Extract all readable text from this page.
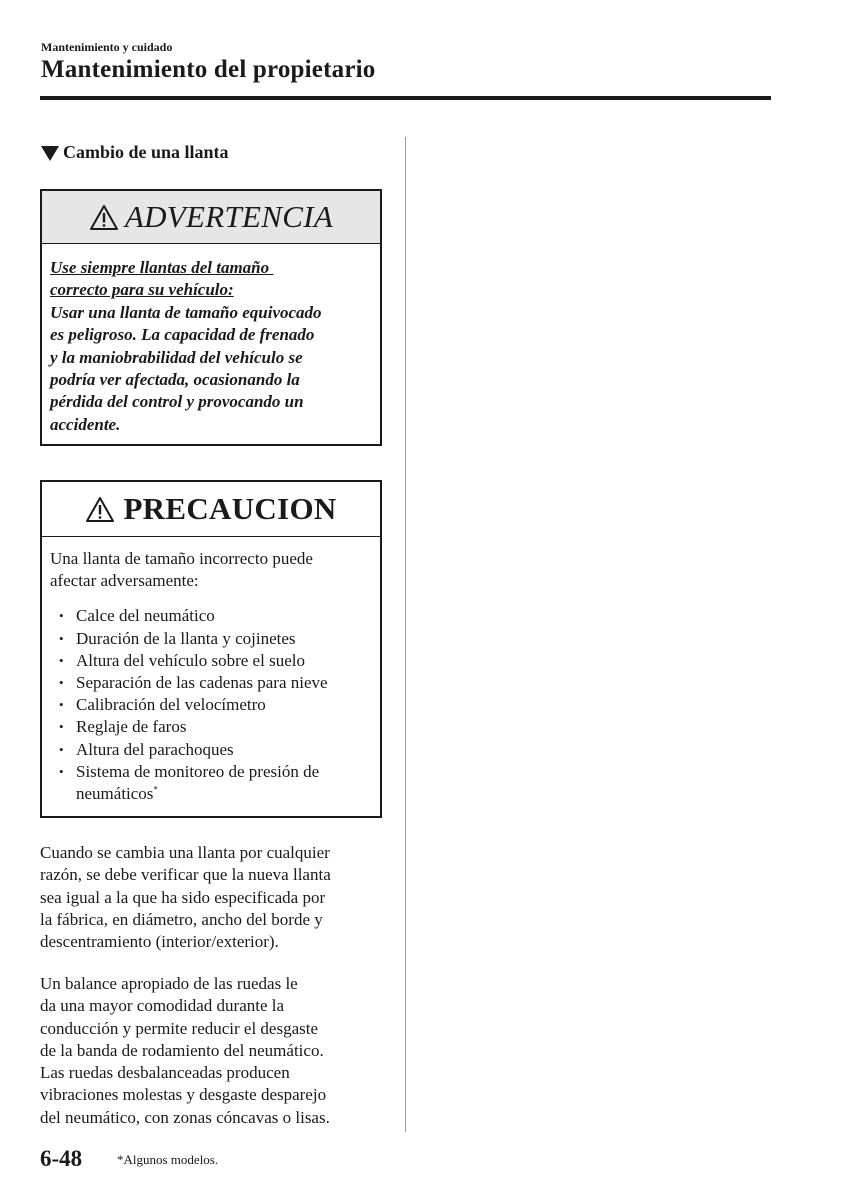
Mantenimiento y cuidado
Mantenimiento del propietario
Cambio de una llanta
ADVERTENCIA
Use siempre llantas del tamaño
correcto para su vehículo:
Usar una llanta de tamaño equivocado
es peligroso. La capacidad de frenado
y la maniobrabilidad del vehículo se
podría ver afectada, ocasionando la
pérdida del control y provocando un
accidente.
PRECAUCION
Una llanta de tamaño incorrecto puede
afectar adversamente:
• Calce del neumático
• Duración de la llanta y cojinetes
• Altura del vehículo sobre el suelo
• Separación de las cadenas para nieve
• Calibración del velocímetro
• Reglaje de faros
• Altura del parachoques
• Sistema de monitoreo de presión de
neumáticos*
Cuando se cambia una llanta por cualquier
razón, se debe verificar que la nueva llanta
sea igual a la que ha sido especificada por
la fábrica, en diámetro, ancho del borde y
descentramiento (interior/exterior).
Un balance apropiado de las ruedas le
da una mayor comodidad durante la
conducción y permite reducir el desgaste
de la banda de rodamiento del neumático.
Las ruedas desbalanceadas producen
vibraciones molestas y desgaste desparejo
del neumático, con zonas cóncavas o lisas.
6-48	*Algunos modelos.
